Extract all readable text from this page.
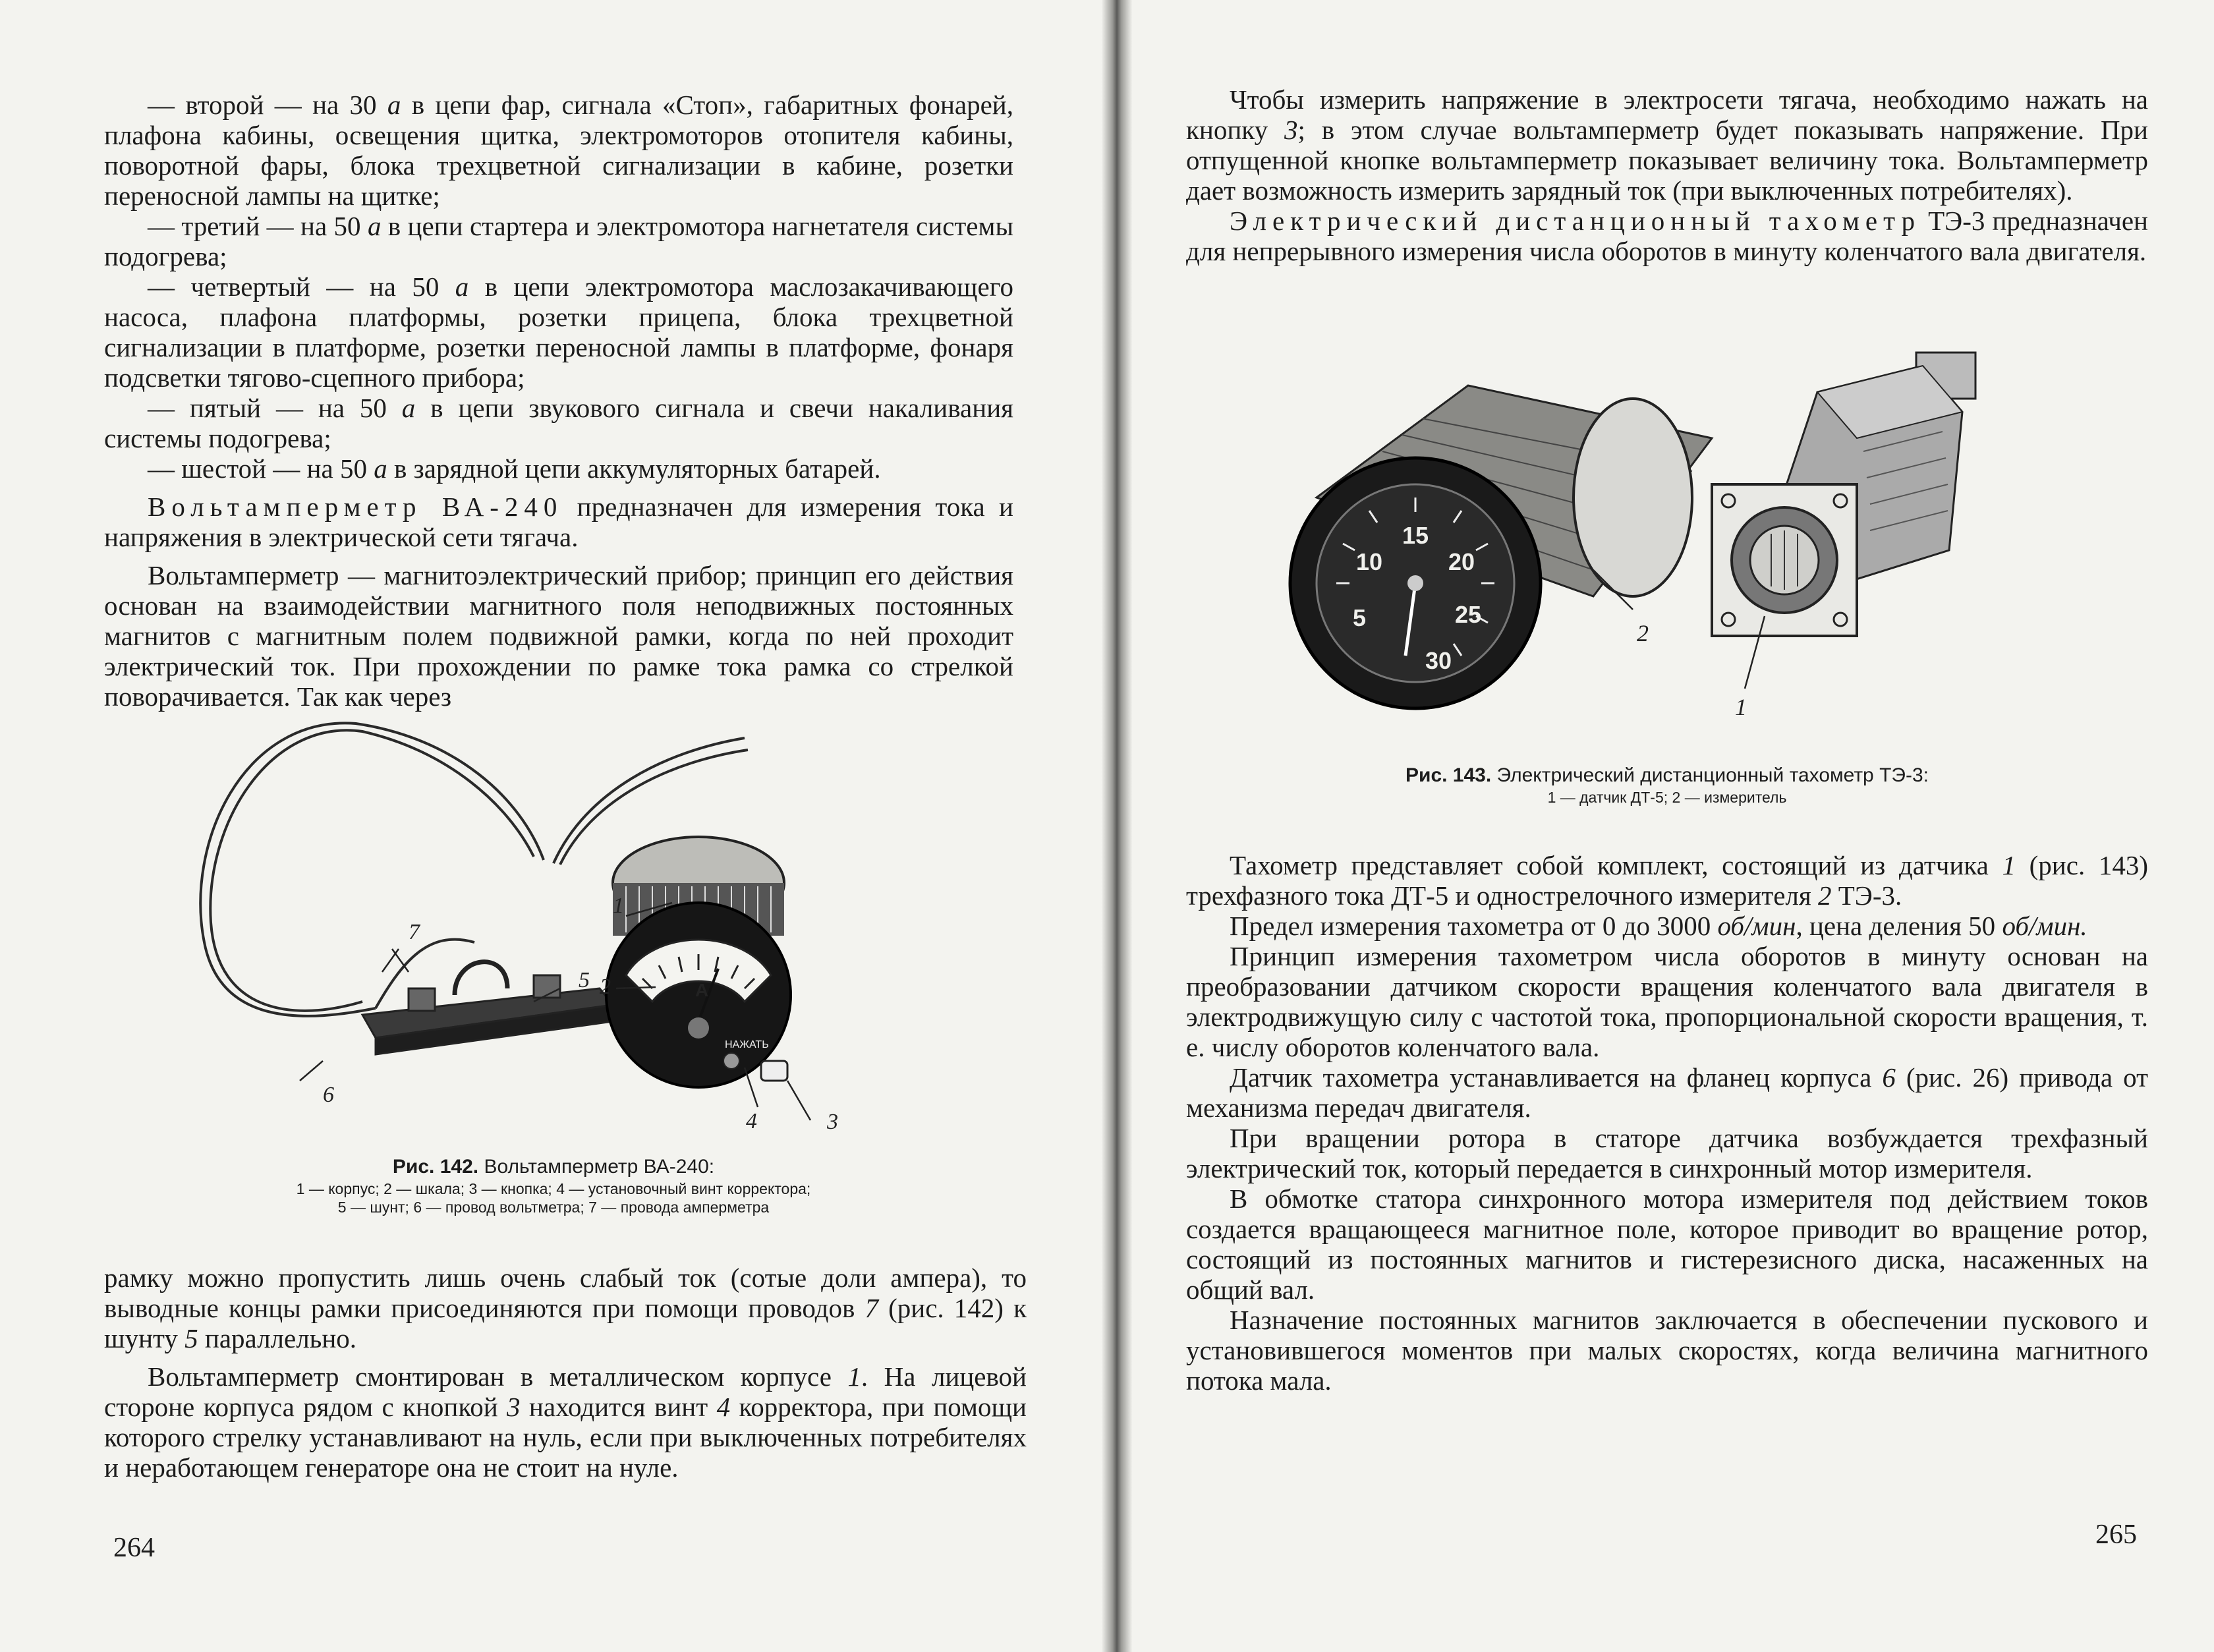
— второй — на 30 а в цепи фар, сигнала «Стоп», габаритных фонарей, плафона кабины, освещения щитка, электромоторов отопителя кабины, поворотной фары, блока трехцветной сигнализации в кабине, розетки переносной лампы на щитке;

— третий — на 50 а в цепи стартера и электромотора нагнетателя системы подогрева;

— четвертый — на 50 а в цепи электромотора маслозакачивающего насоса, плафона платформы, розетки прицепа, блока трехцветной сигнализации в платформе, розетки переносной лампы в платформе, фонаря подсветки тягово-сцепного прибора;

— пятый — на 50 а в цепи звукового сигнала и свечи накаливания системы подогрева;

— шестой — на 50 а в зарядной цепи аккумуляторных батарей.

Вольтамперметр ВА-240 предназначен для измерения тока и напряжения в электрической сети тягача.

Вольтамперметр — магнитоэлектрический прибор; принцип его действия основан на взаимодействии магнитного поля неподвижных постоянных магнитов с магнитным полем подвижной рамки, когда по ней проходит электрический ток. При прохождении по рамке тока рамка со стрелкой поворачивается. Так как через

А
НАЖАТЬ
1
2
3
4
5
6
7
Рис. 142. Вольтамперметр ВА-240:
1 — корпус; 2 — шкала; 3 — кнопка; 4 — установочный винт корректора;
5 — шунт; 6 — провод вольтметра; 7 — провода амперметра

рамку можно пропустить лишь очень слабый ток (сотые доли ампера), то выводные концы рамки присоединяются при помощи проводов 7 (рис. 142) к шунту 5 параллельно.

Вольтамперметр смонтирован в металлическом корпусе 1. На лицевой стороне корпуса рядом с кнопкой 3 находится винт 4 корректора, при помощи которого стрелку устанавливают на нуль, если при выключенных потребителях и неработающем генераторе она не стоит на нуле.

264

Чтобы измерить напряжение в электросети тягача, необходимо нажать на кнопку 3; в этом случае вольтамперметр будет показывать напряжение. При отпущенной кнопке вольтамперметр показывает величину тока. Вольтамперметр дает возможность измерить зарядный ток (при выключенных потребителях).

Электрический дистанционный тахометр ТЭ-3 предназначен для непрерывного измерения числа оборотов в минуту коленчатого вала двигателя.

5
10
15
20
25
30
2
1
Рис. 143. Электрический дистанционный тахометр ТЭ-3:
1 — датчик ДТ-5; 2 — измеритель

Тахометр представляет собой комплект, состоящий из датчика 1 (рис. 143) трехфазного тока ДТ-5 и однострелочного измерителя 2 ТЭ-3.

Предел измерения тахометра от 0 до 3000 об/мин, цена деления 50 об/мин.

Принцип измерения тахометром числа оборотов в минуту основан на преобразовании датчиком скорости вращения коленчатого вала двигателя в электродвижущую силу с частотой тока, пропорциональной скорости вращения, т. е. числу оборотов коленчатого вала.

Датчик тахометра устанавливается на фланец корпуса 6 (рис. 26) привода от механизма передач двигателя.

При вращении ротора в статоре датчика возбуждается трехфазный электрический ток, который передается в синхронный мотор измерителя.

В обмотке статора синхронного мотора измерителя под действием токов создается вращающееся магнитное поле, которое приводит во вращение ротор, состоящий из постоянных магнитов и гистерезисного диска, насаженных на общий вал.

Назначение постоянных магнитов заключается в обеспечении пускового и установившегося моментов при малых скоростях, когда величина магнитного потока мала.

265
